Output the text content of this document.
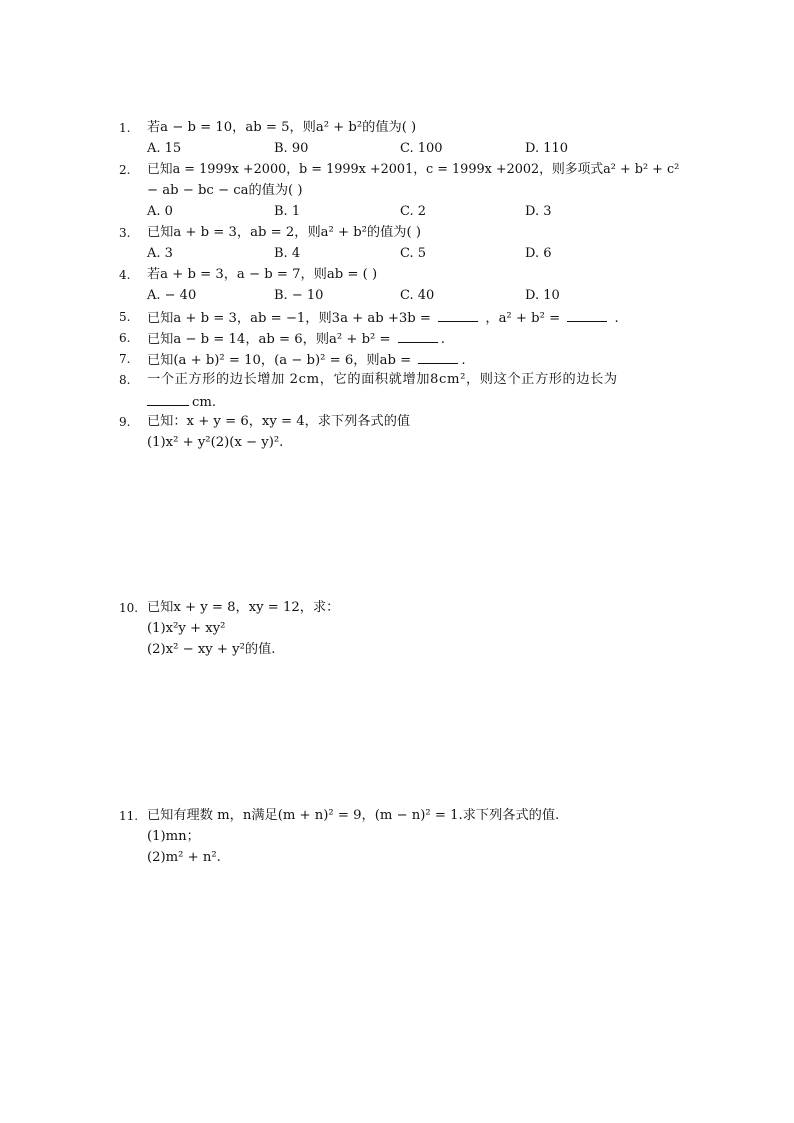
1.	若a − b = 10，ab = 5，则a² + b²的值为( )
A. 15	B. 90	C. 100	D. 110
2.	已知a = 1999x +2000，b = 1999x +2001，c = 1999x +2002，则多项式a² + b² + c²
− ab − bc − ca的值为( )
A. 0	B. 1	C. 2	D. 3
3.	已知a + b = 3，ab = 2，则a² + b²的值为( )
A. 3	B. 4	C. 5	D. 6
4.	若a + b = 3，a − b = 7，则ab = ( )
A. − 40	B. − 10	C. 40	D. 10
5.	已知a + b = 3，ab = −1，则3a + ab +3b =	，a² + b² =	.
6.	已知a − b = 14，ab = 6，则a² + b² =	.
7.	已知(a + b)² = 10，(a − b)² = 6，则ab =	.
8.	一个正方形的边长增加 2cm，它的面积就增加8cm²，则这个正方形的边长为
cm.
9.	已知：x + y = 6，xy = 4，求下列各式的值
(1)x² + y²(2)(x − y)².
10. 已知x + y = 8，xy = 12，求：
(1)x²y + xy²
(2)x² − xy + y²的值.
11. 已知有理数 m，n满足(m + n)² = 9，(m − n)² = 1.求下列各式的值.
(1)mn；
(2)m² + n².
